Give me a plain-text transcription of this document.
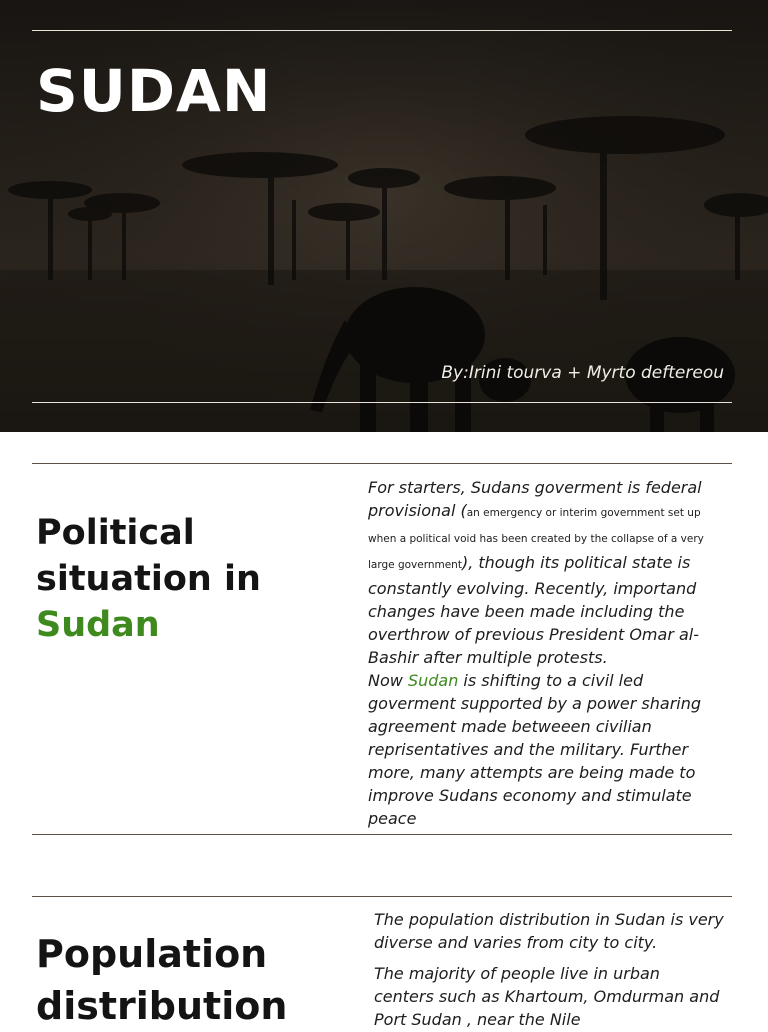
SUDAN
By:Irini tourva + Myrto deftereou
Political
situation in
Sudan

For starters, Sudans goverment is federal provisional (an emergency or interim government set up when a political void has been created by the collapse of a very large government), though its political state is constantly evolving. Recently, importand changes have been made including the overthrow of previous President Omar al-Bashir after multiple protests.
Now Sudan is shifting to a civil led goverment supported by a power sharing agreement made betweeen civilian reprisentatives and the military. Further more, many attempts are being made to improve Sudans economy and stimulate peace

Population
distribution

The population distribution in Sudan is very diverse and varies from city to city.

The majority of people live in urban centers such as Khartoum, Omdurman and Port Sudan , near the Nile
